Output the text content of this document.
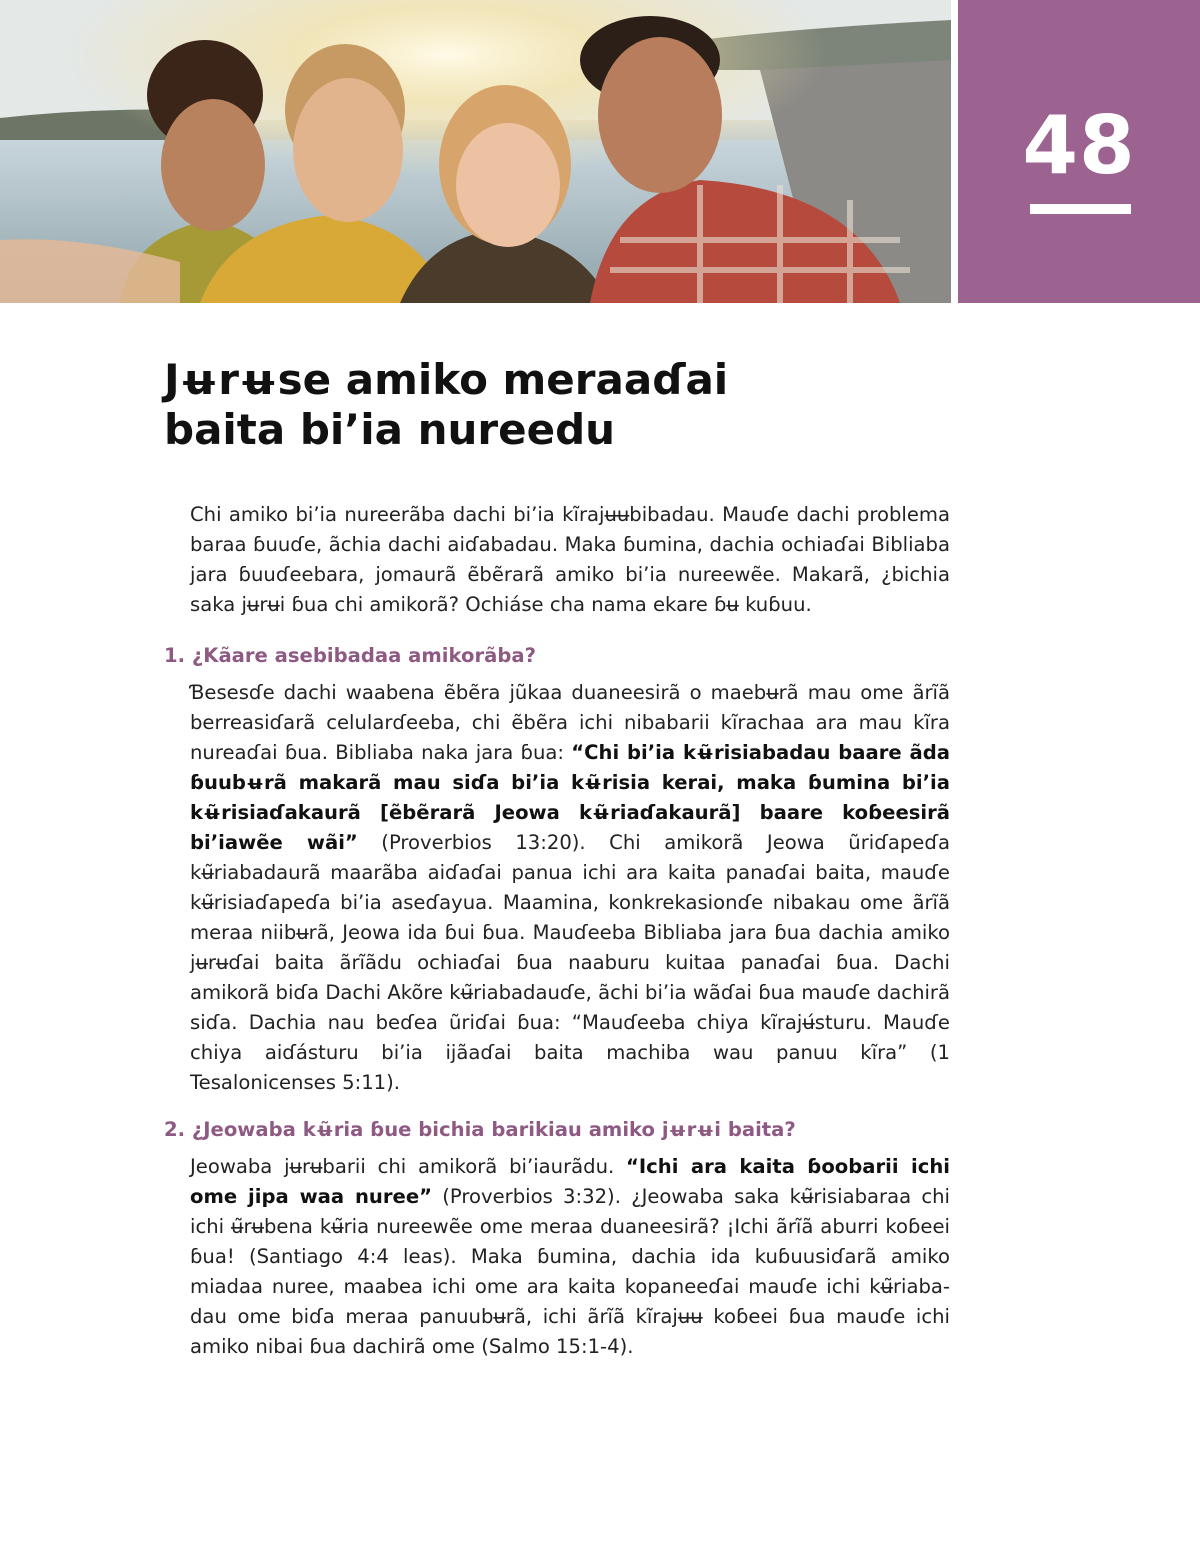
48
Jʉrʉse amiko meraaɗai
baita bi’ia nureedu

Chi amiko bi’ia nureerãba dachi bi’ia kĩrajʉʉbibadau. Mauɗe dachi problema baraa ɓuuɗe, ãchia dachi aiɗabadau. Maka ɓumina, dachia ochiaɗai Bibliaba jara ɓuuɗeebara, jomaurã ẽbẽrarã amiko bi’ia nureewẽe. Makarã, ¿bichia saka jʉrʉi ɓua chi amikorã? Ochiáse cha nama ekare ɓʉ kuɓuu.

1. ¿Kãare asebibadaa amikorãba?

Ɓesesɗe dachi waabena ẽbẽra jũkaa duaneesirã o maebʉrã mau ome ãrĩã berreasiɗarã celularɗeeba, chi ẽbẽra ichi nibabarii kĩrachaa ara mau kĩra nureaɗai ɓua. Bibliaba naka jara ɓua: “Chi bi’ia kʉ̃risiabadau baare ãda ɓuubʉrã makarã mau siɗa bi’ia kʉ̃risia kerai, maka ɓumina bi’ia kʉ̃risiaɗakaurã [ẽbẽrarã Jeowa kʉ̃riaɗakaurã] baare koɓeesirã bi’iawẽe wãi” (Proverbios 13:20). Chi amikorã Jeowa ũriɗapeɗa kʉ̃riabadaurã maarãba aiɗaɗai panua ichi ara kaita panaɗai baita, mauɗe kʉ̃risiaɗapeɗa bi’ia aseɗayua. Maamina, konkrekasionɗe nibakau ome ãrĩã meraa niibʉrã, Jeowa ida ɓui ɓua. Mauɗeeba Bibliaba jara ɓua dachia amiko jʉrʉɗai baita ãrĩãdu ochiaɗai ɓua naaburu kuitaa panaɗai ɓua. Dachi amikorã biɗa Dachi Akõre kʉ̃riabadauɗe, ãchi bi’ia wãɗai ɓua mauɗe dachirã siɗa. Dachia nau beɗea ũriɗai ɓua: “Mauɗeeba chiya kĩrajʉ́sturu. Mauɗe chiya aiɗásturu bi’ia ijãaɗai baita machiba wau panuu kĩra” (1 Tesalonicenses 5:11).

2. ¿Jeowaba kʉ̃ria ɓue bichia barikiau amiko jʉrʉi baita?

Jeowaba jʉrʉbarii chi amikorã bi’iaurãdu. “Ichi ara kaita ɓoobarii ichi ome jipa waa nuree” (Proverbios 3:32). ¿Jeowaba saka kʉ̃risiabaraa chi ichi ʉ̃rʉbena kʉ̃ria nureewẽe ome meraa duaneesirã? ¡Ichi ãrĩã aburri koɓeei ɓua! (Santiago 4:4 leas). Maka ɓumina, dachia ida kuɓuusiɗarã amiko miadaa nuree, maabea ichi ome ara kaita kopaneeɗai mauɗe ichi kʉ̃riabadau ome biɗa meraa panuubʉrã, ichi ãrĩã kĩrajʉʉ koɓeei ɓua mauɗe ichi amiko nibai ɓua dachirã ome (Salmo 15:1-4).
